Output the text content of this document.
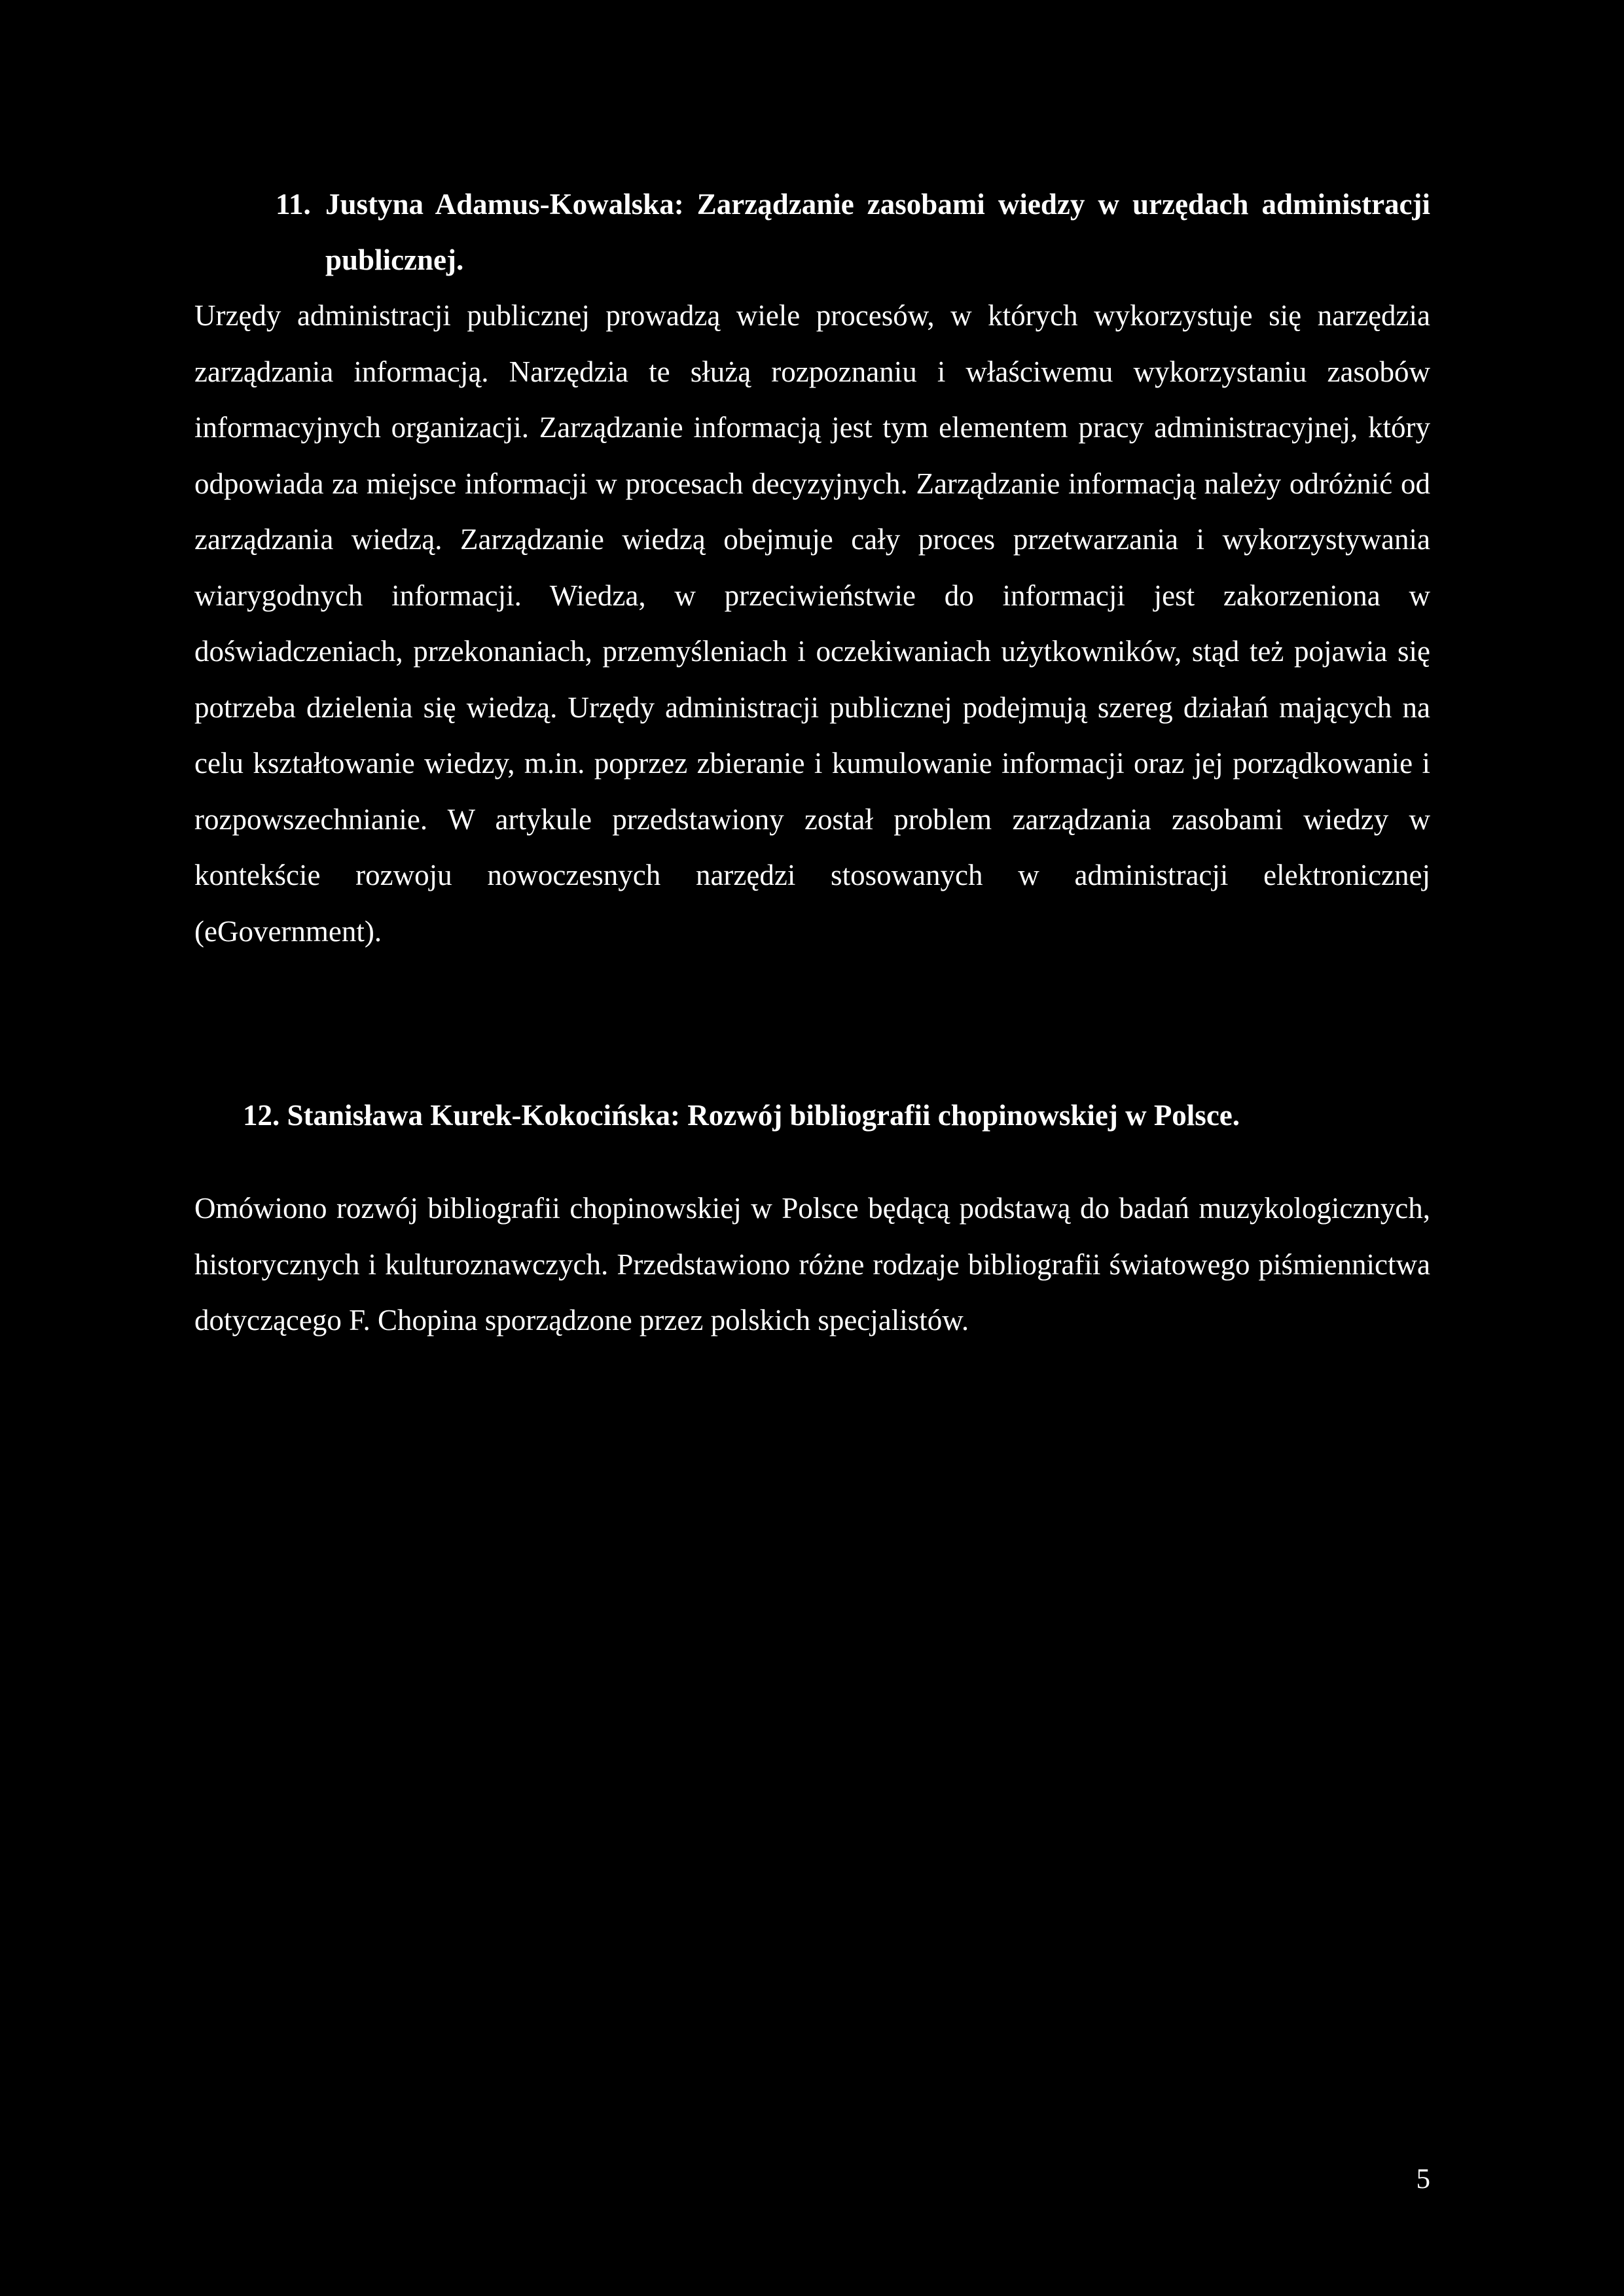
11. Justyna Adamus-Kowalska: Zarządzanie zasobami wiedzy w urzędach administracji publicznej.

Urzędy administracji publicznej prowadzą wiele procesów, w których wykorzystuje się narzędzia zarządzania informacją. Narzędzia te służą rozpoznaniu i właściwemu wykorzystaniu zasobów informacyjnych organizacji. Zarządzanie informacją jest tym elementem pracy administracyjnej, który odpowiada za miejsce informacji w procesach decyzyjnych. Zarządzanie informacją należy odróżnić od zarządzania wiedzą. Zarządzanie wiedzą obejmuje cały proces przetwarzania i wykorzystywania wiarygodnych informacji. Wiedza, w przeciwieństwie do informacji jest zakorzeniona w doświadczeniach, przekonaniach, przemyśleniach i oczekiwaniach użytkowników, stąd też pojawia się potrzeba dzielenia się wiedzą. Urzędy administracji publicznej podejmują szereg działań mających na celu kształtowanie wiedzy, m.in. poprzez zbieranie i kumulowanie informacji oraz jej porządkowanie i rozpowszechnianie. W artykule przedstawiony został problem zarządzania zasobami wiedzy w kontekście rozwoju nowoczesnych narzędzi stosowanych w administracji elektronicznej (eGovernment).

12. Stanisława Kurek-Kokocińska: Rozwój bibliografii chopinowskiej w Polsce.

Omówiono rozwój bibliografii chopinowskiej w Polsce będącą podstawą do badań muzykologicznych, historycznych i kulturoznawczych. Przedstawiono różne rodzaje bibliografii światowego piśmiennictwa dotyczącego F. Chopina sporządzone przez polskich specjalistów.

5
